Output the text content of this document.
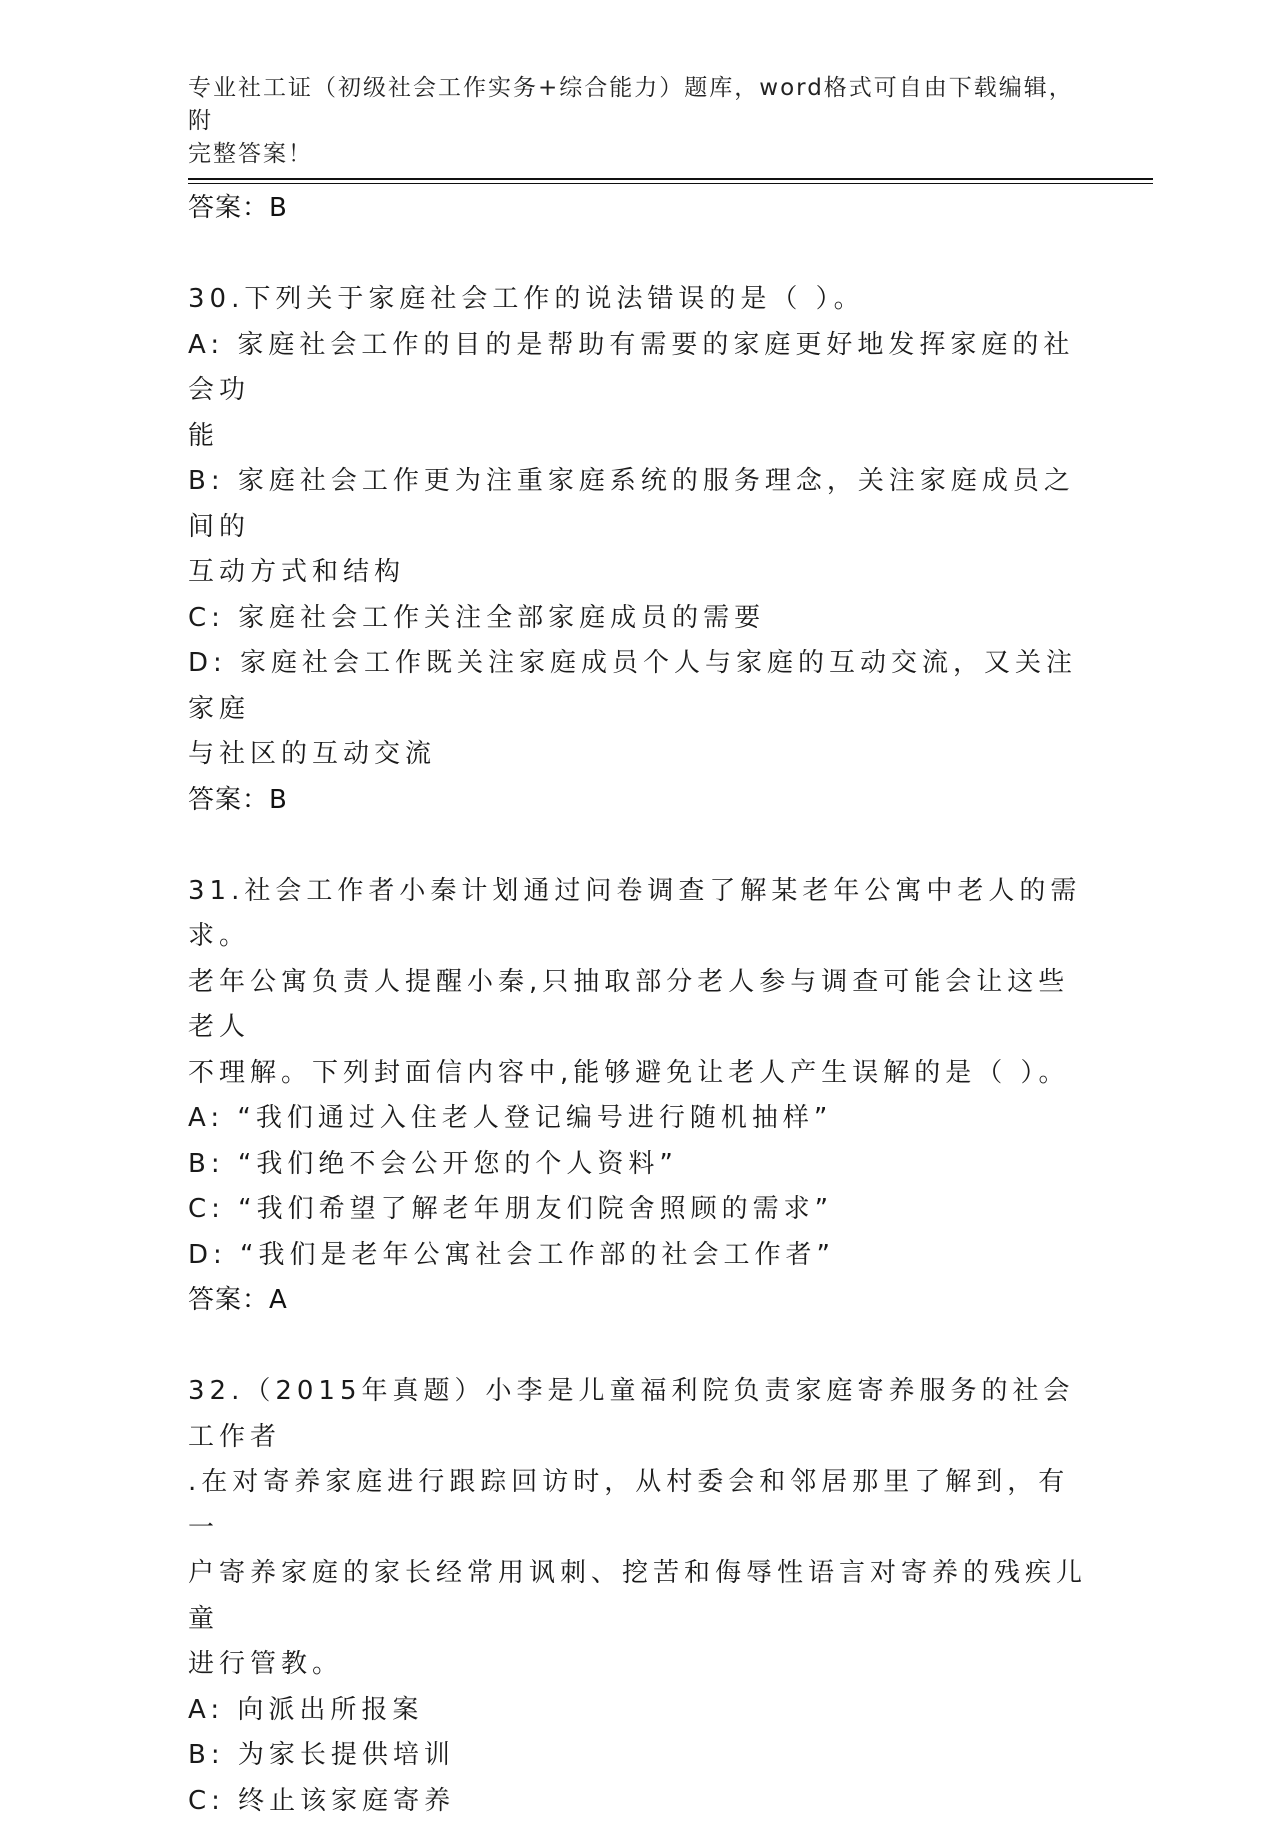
专业社工证（初级社会工作实务+综合能力）题库，word格式可自由下载编辑，附
完整答案！

答案：B

30.下列关于家庭社会工作的说法错误的是（ ）。

A: 家庭社会工作的目的是帮助有需要的家庭更好地发挥家庭的社会功

能

B: 家庭社会工作更为注重家庭系统的服务理念，关注家庭成员之间的

互动方式和结构

C: 家庭社会工作关注全部家庭成员的需要

D: 家庭社会工作既关注家庭成员个人与家庭的互动交流，又关注家庭

与社区的互动交流

答案：B

31.社会工作者小秦计划通过问卷调查了解某老年公寓中老人的需求。

老年公寓负责人提醒小秦,只抽取部分老人参与调查可能会让这些老人

不理解。下列封面信内容中,能够避免让老人产生误解的是（ ）。

A: “我们通过入住老人登记编号进行随机抽样”

B: “我们绝不会公开您的个人资料”

C: “我们希望了解老年朋友们院舍照顾的需求”

D: “我们是老年公寓社会工作部的社会工作者”

答案：A

32.（2015年真题）小李是儿童福利院负责家庭寄养服务的社会工作者

.在对寄养家庭进行跟踪回访时，从村委会和邻居那里了解到，有一

户寄养家庭的家长经常用讽刺、挖苦和侮辱性语言对寄养的残疾儿童

进行管教。

A: 向派出所报案

B: 为家长提供培训

C: 终止该家庭寄养
